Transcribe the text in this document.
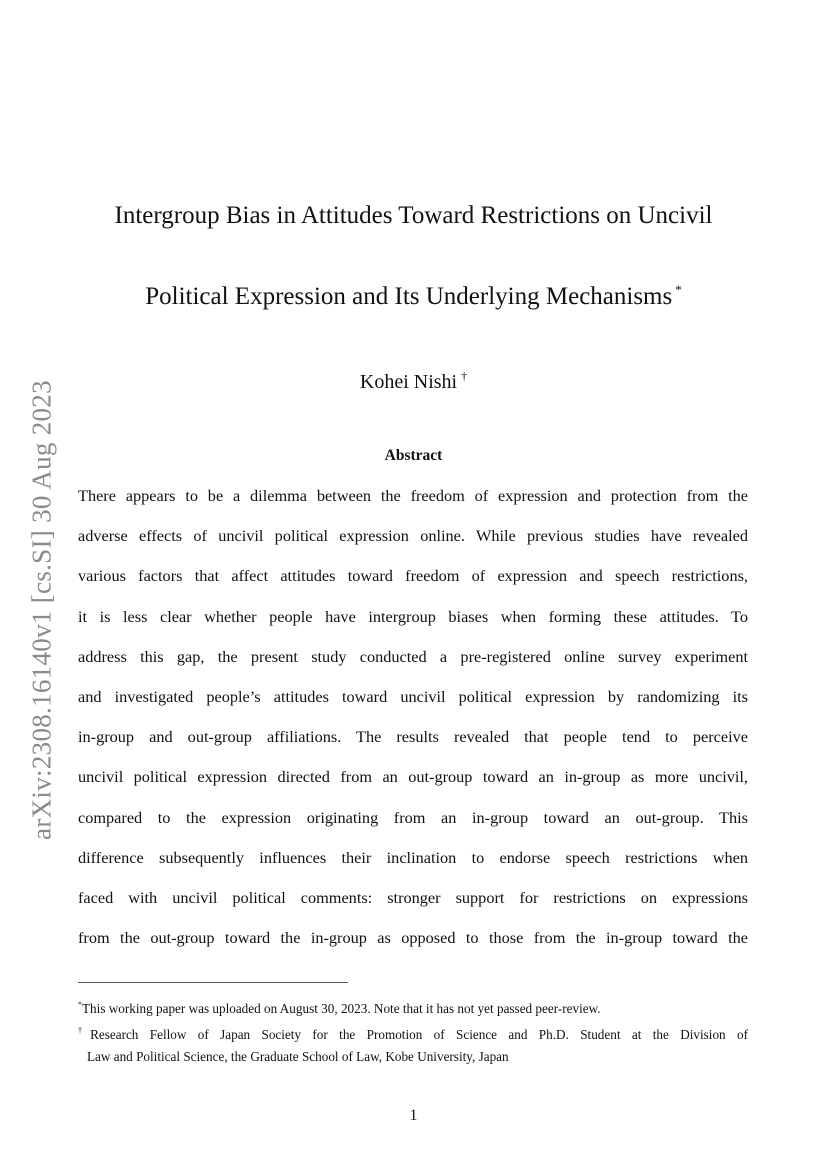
arXiv:2308.16140v1 [cs.SI] 30 Aug 2023
Intergroup Bias in Attitudes Toward Restrictions on Uncivil
Political Expression and Its Underlying Mechanisms *
Kohei Nishi †
Abstract
There appears to be a dilemma between the freedom of expression and protection from the
adverse effects of uncivil political expression online. While previous studies have revealed
various factors that affect attitudes toward freedom of expression and speech restrictions,
it is less clear whether people have intergroup biases when forming these attitudes. To
address this gap, the present study conducted a pre-registered online survey experiment
and investigated people’s attitudes toward uncivil political expression by randomizing its
in-group and out-group affiliations. The results revealed that people tend to perceive
uncivil political expression directed from an out-group toward an in-group as more uncivil,
compared to the expression originating from an in-group toward an out-group. This
difference subsequently influences their inclination to endorse speech restrictions when
faced with uncivil political comments: stronger support for restrictions on expressions
from the out-group toward the in-group as opposed to those from the in-group toward the
*This working paper was uploaded on August 30, 2023. Note that it has not yet passed peer-review.
†Research Fellow of Japan Society for the Promotion of Science and Ph.D. Student at the Division of
Law and Political Science, the Graduate School of Law, Kobe University, Japan
1
